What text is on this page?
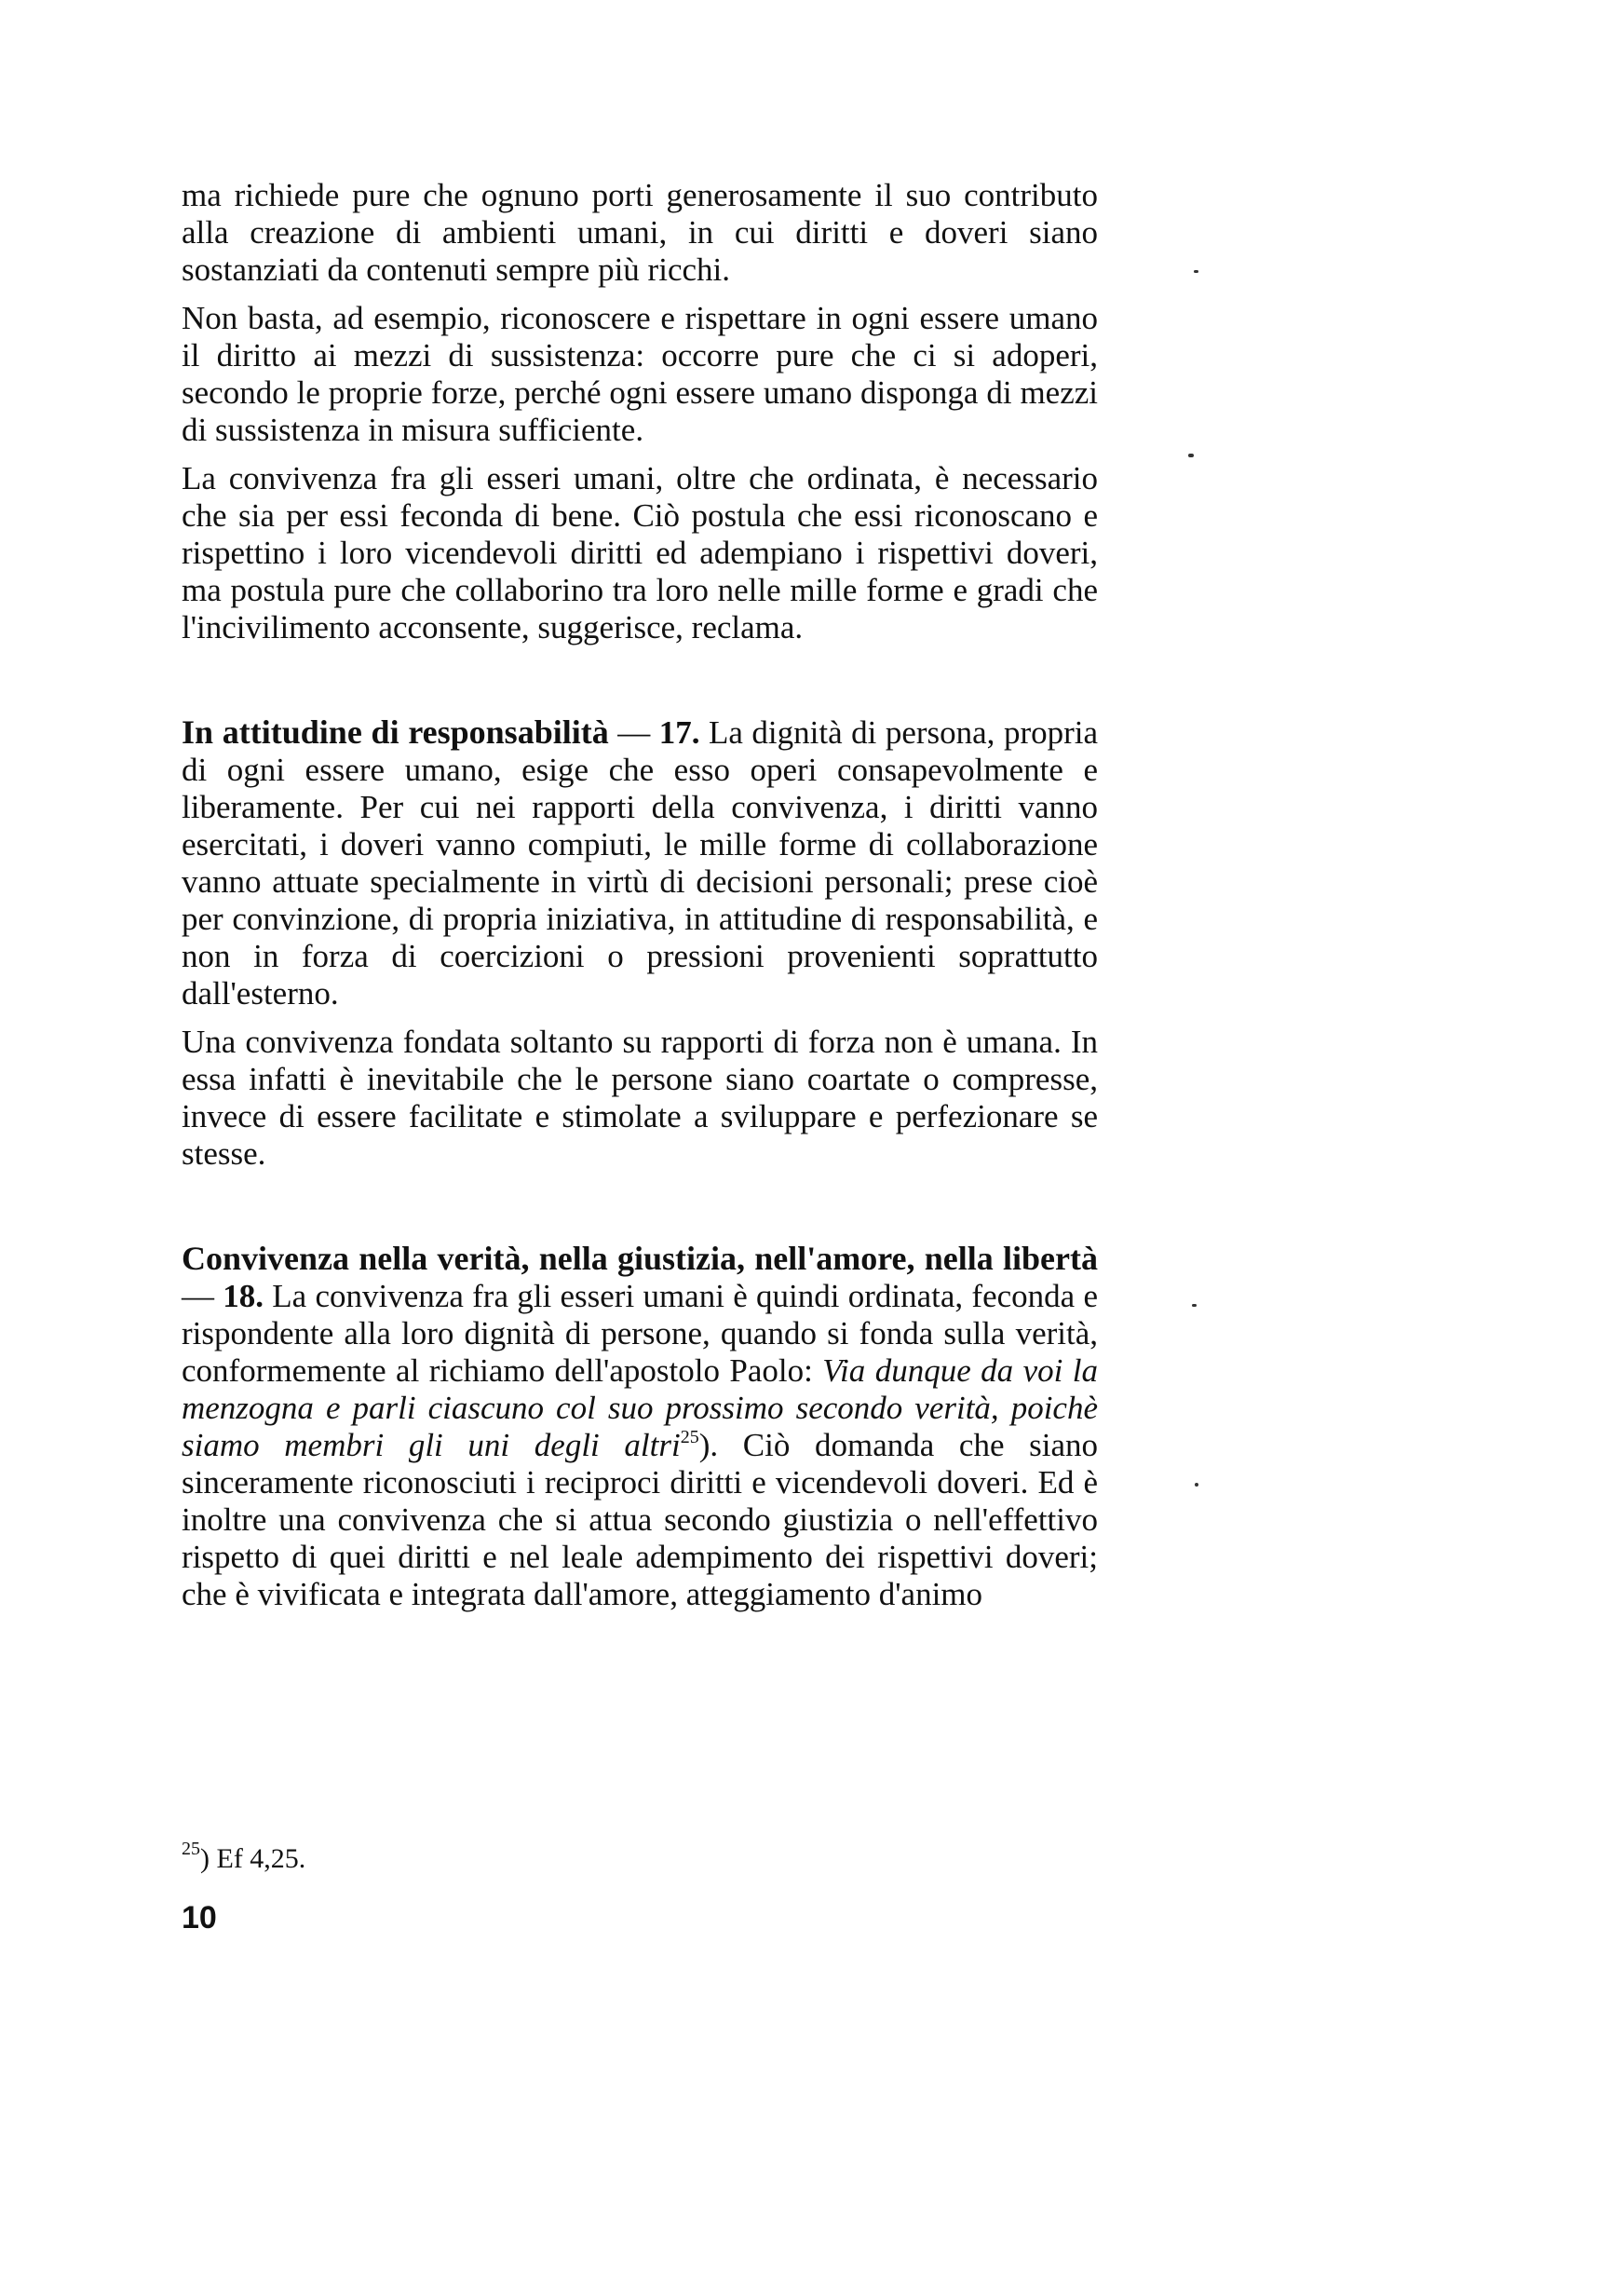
ma richiede pure che ognuno porti generosamente il suo contributo alla creazione di ambienti umani, in cui diritti e doveri siano sostanziati da contenuti sempre più ricchi.

Non basta, ad esempio, riconoscere e rispettare in ogni essere umano il diritto ai mezzi di sussistenza: occorre pure che ci si adoperi, secondo le proprie forze, perché ogni essere umano disponga di mezzi di sussistenza in misura sufficiente.

La convivenza fra gli esseri umani, oltre che ordinata, è necessario che sia per essi feconda di bene. Ciò postula che essi riconoscano e rispettino i loro vicendevoli diritti ed adempiano i rispettivi doveri, ma postula pure che collaborino tra loro nelle mille forme e gradi che l'incivilimento acconsente, suggerisce, reclama.

In attitudine di responsabilità — 17. La dignità di persona, propria di ogni essere umano, esige che esso operi consapevolmente e liberamente. Per cui nei rapporti della convivenza, i diritti vanno esercitati, i doveri vanno compiuti, le mille forme di collaborazione vanno attuate specialmente in virtù di decisioni personali; prese cioè per convinzione, di propria iniziativa, in attitudine di responsabilità, e non in forza di coercizioni o pressioni provenienti soprattutto dall'esterno.

Una convivenza fondata soltanto su rapporti di forza non è umana. In essa infatti è inevitabile che le persone siano coartate o compresse, invece di essere facilitate e stimolate a sviluppare e perfezionare se stesse.

Convivenza nella verità, nella giustizia, nell'amore, nella libertà — 18. La convivenza fra gli esseri umani è quindi ordinata, feconda e rispondente alla loro dignità di persone, quando si fonda sulla verità, conformemente al richiamo dell'apostolo Paolo: Via dunque da voi la menzogna e parli ciascuno col suo prossimo secondo verità, poichè siamo membri gli uni degli altri$^{25}$). Ciò domanda che siano sinceramente riconosciuti i reciproci diritti e vicendevoli doveri. Ed è inoltre una convivenza che si attua secondo giustizia o nell'effettivo rispetto di quei diritti e nel leale adempimento dei rispettivi doveri; che è vivificata e integrata dall'amore, atteggiamento d'animo

$^{25}$) Ef 4,25.
10
